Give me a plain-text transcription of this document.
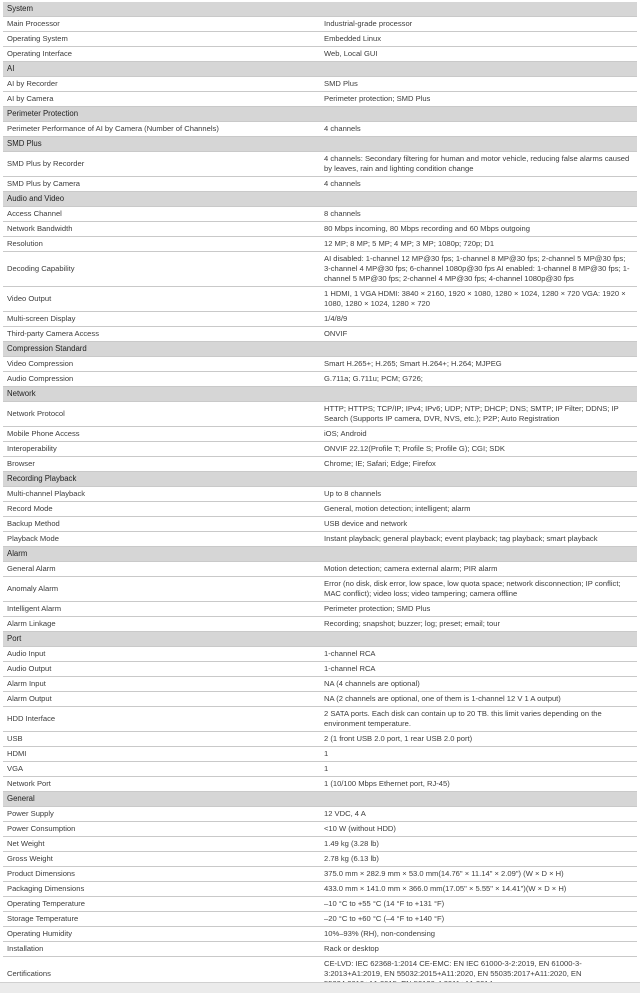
System	
Main Processor	Industrial-grade processor
Operating System	Embedded Linux
Operating Interface	Web, Local GUI
AI	
AI by Recorder	SMD Plus
AI by Camera	Perimeter protection; SMD Plus
Perimeter Protection	
Perimeter Performance of AI by Camera (Number of Channels)	4 channels
SMD Plus	
SMD Plus by Recorder	4 channels: Secondary filtering for human and motor vehicle, reducing false alarms caused by leaves, rain and lighting condition change
SMD Plus by Camera	4 channels
Audio and Video	
Access Channel	8 channels
Network Bandwidth	80 Mbps incoming, 80 Mbps recording and 60 Mbps outgoing
Resolution	12 MP; 8 MP; 5 MP; 4 MP; 3 MP; 1080p; 720p; D1
Decoding Capability	AI disabled: 1-channel 12 MP@30 fps; 1-channel 8 MP@30 fps; 2-channel 5 MP@30 fps; 3-channel 4 MP@30 fps; 6-channel 1080p@30 fps AI enabled: 1-channel 8 MP@30 fps; 1-channel 5 MP@30 fps; 2-channel 4 MP@30 fps; 4-channel 1080p@30 fps
Video Output	1 HDMI, 1 VGA HDMI: 3840 × 2160, 1920 × 1080, 1280 × 1024, 1280 × 720 VGA: 1920 × 1080, 1280 × 1024, 1280 × 720
Multi-screen Display	1/4/8/9
Third-party Camera Access	ONVIF
Compression Standard	
Video Compression	Smart H.265+; H.265; Smart H.264+; H.264; MJPEG
Audio Compression	G.711a; G.711u; PCM; G726;
Network	
Network Protocol	HTTP; HTTPS; TCP/IP; IPv4; IPv6; UDP; NTP; DHCP; DNS; SMTP; IP Filter; DDNS; IP Search (Supports IP camera, DVR, NVS, etc.); P2P; Auto Registration
Mobile Phone Access	iOS; Android
Interoperability	ONVIF 22.12(Profile T; Profile S; Profile G); CGI; SDK
Browser	Chrome; IE; Safari; Edge; Firefox
Recording Playback	
Multi-channel Playback	Up to 8 channels
Record Mode	General, motion detection; intelligent; alarm
Backup Method	USB device and network
Playback Mode	Instant playback; general playback; event playback; tag playback; smart playback
Alarm	
General Alarm	Motion detection; camera external alarm; PIR alarm
Anomaly Alarm	Error (no disk, disk error, low space, low quota space; network disconnection; IP conflict; MAC conflict); video loss; video tampering; camera offline
Intelligent Alarm	Perimeter protection; SMD Plus
Alarm Linkage	Recording; snapshot; buzzer; log; preset; email; tour
Port	
Audio Input	1-channel RCA
Audio Output	1-channel RCA
Alarm Input	NA (4 channels are optional)
Alarm Output	NA (2 channels are optional, one of them is 1-channel 12 V 1 A output)
HDD Interface	2 SATA ports. Each disk can contain up to 20 TB. this limit varies depending on the environment temperature.
USB	2 (1 front USB 2.0 port, 1 rear USB 2.0 port)
HDMI	1
VGA	1
Network Port	1 (10/100 Mbps Ethernet port, RJ-45)
General	
Power Supply	12 VDC, 4 A
Power Consumption	<10 W (without HDD)
Net Weight	1.49 kg (3.28 lb)
Gross Weight	2.78 kg (6.13 lb)
Product Dimensions	375.0 mm × 282.9 mm × 53.0 mm(14.76" × 11.14" × 2.09") (W × D × H)
Packaging Dimensions	433.0 mm × 141.0 mm × 366.0 mm(17.05" × 5.55" × 14.41")(W × D × H)
Operating Temperature	–10 °C to +55 °C (14 °F to +131 °F)
Storage Temperature	–20 °C to +60 °C (–4 °F to +140 °F)
Operating Humidity	10%–93% (RH), non-condensing
Installation	Rack or desktop
Certifications	CE-LVD: IEC 62368-1:2014 CE-EMC: EN IEC 61000-3-2:2019, EN 61000-3-3:2013+A1:2019, EN 55032:2015+A11:2020, EN 55035:2017+A11:2020, EN
